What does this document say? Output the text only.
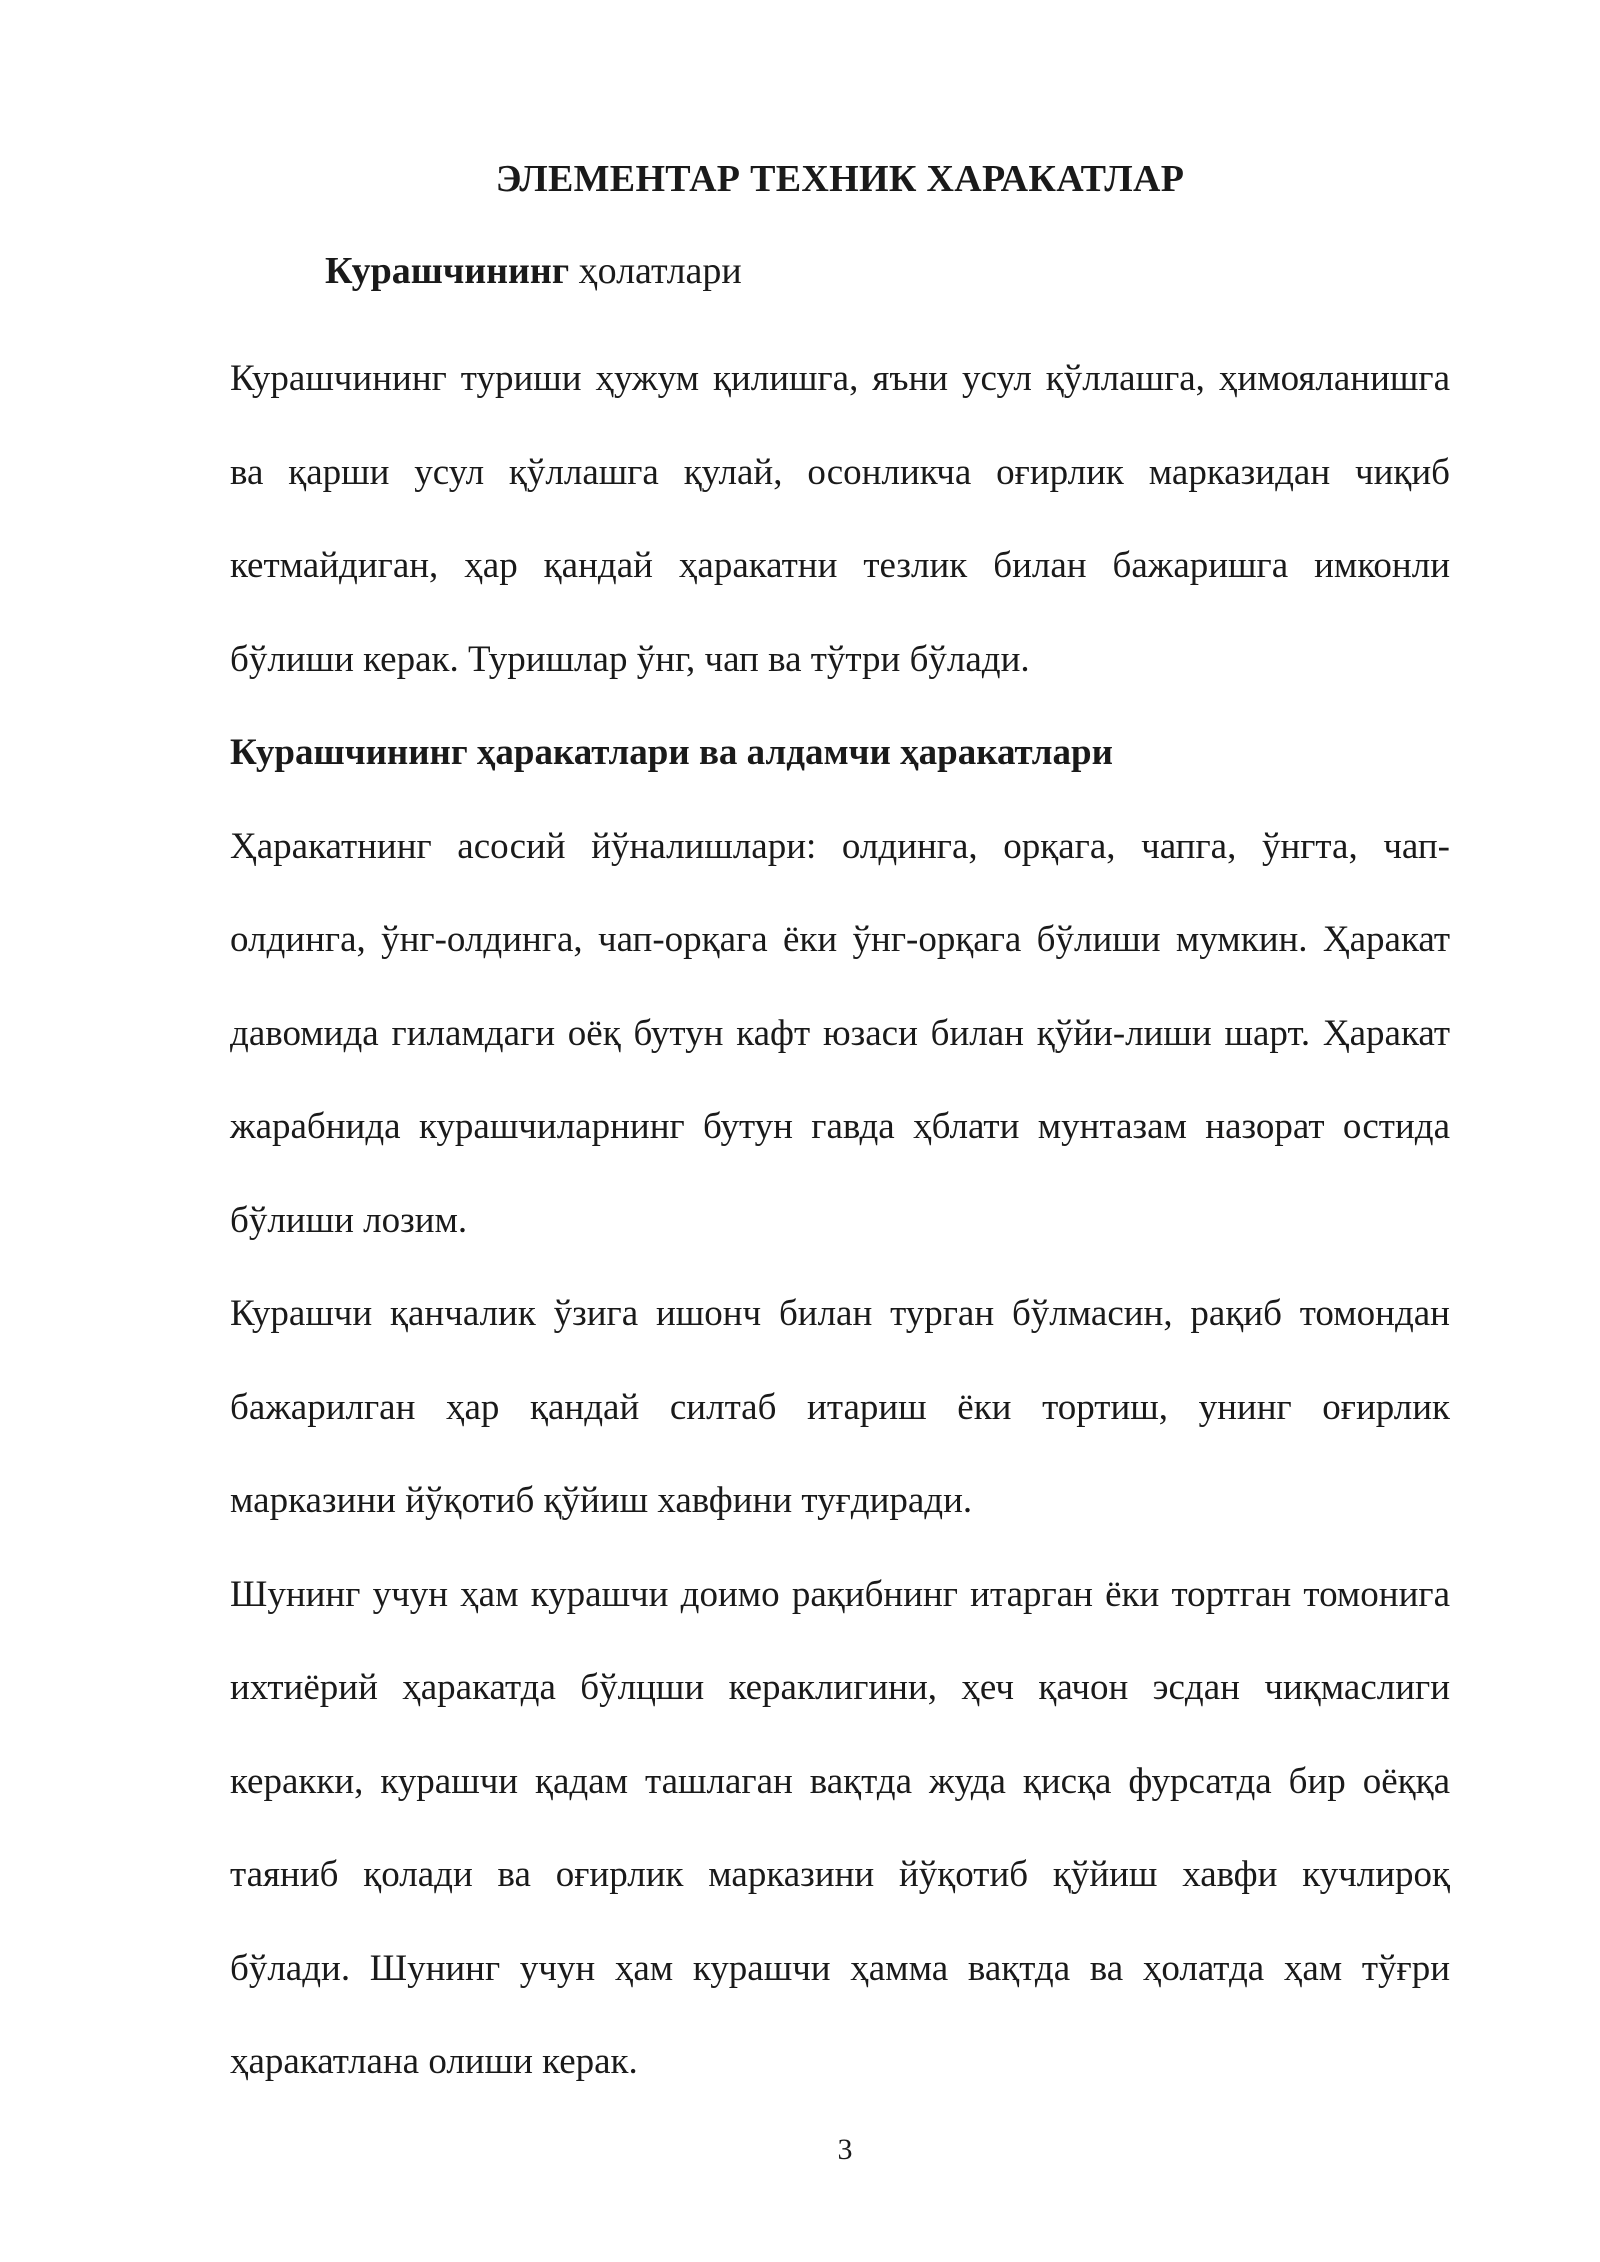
ЭЛЕМЕНТАР ТЕХНИК ХАРАКАТЛАР

Курашчининг ҳолатлари

Курашчининг туриши ҳужум қилишга, яъни усул қўллашга, ҳимояланишга ва қарши усул қўллашга қулай, осонликча оғирлик марказидан чиқиб кетмайдиган, ҳар қандай ҳаракатни тезлик билан бажаришга имконли бўлиши керак. Туришлар ўнг, чап ва тўтри бўлади.

Курашчининг ҳаракатлари ва алдамчи ҳаракатлари

Ҳаракатнинг асосий йўналишлари: олдинга, орқага, чапга, ўнгта, чап-олдинга, ўнг-олдинга, чап-орқага ёки ўнг-орқага бўлиши мумкин. Ҳаракат давомида гиламдаги оёқ бутун кафт юзаси билан қўйи-лиши шарт. Ҳаракат жарабнида курашчиларнинг бутун гавда ҳблати мунтазам назорат остида бўлиши лозим.

Курашчи қанчалик ўзига ишонч билан турган бўлмасин, рақиб томондан бажарилган ҳар қандай силтаб итариш ёки тортиш, унинг оғирлик марказини йўқотиб қўйиш хавфини туғдиради.

Шунинг учун ҳам курашчи доимо рақибнинг итарган ёки тортган томонига ихтиёрий ҳаракатда бўлцши кераклигини, ҳеч қачон эсдан чиқмаслиги керакки, курашчи қадам ташлаган вақтда жуда қисқа фурсатда бир оёққа таяниб қолади ва оғирлик марказини йўқотиб қўйиш хавфи кучлироқ бўлади. Шунинг учун ҳам курашчи ҳамма вақтда ва ҳолатда ҳам тўғри ҳаракатлана олиши керак.

3
